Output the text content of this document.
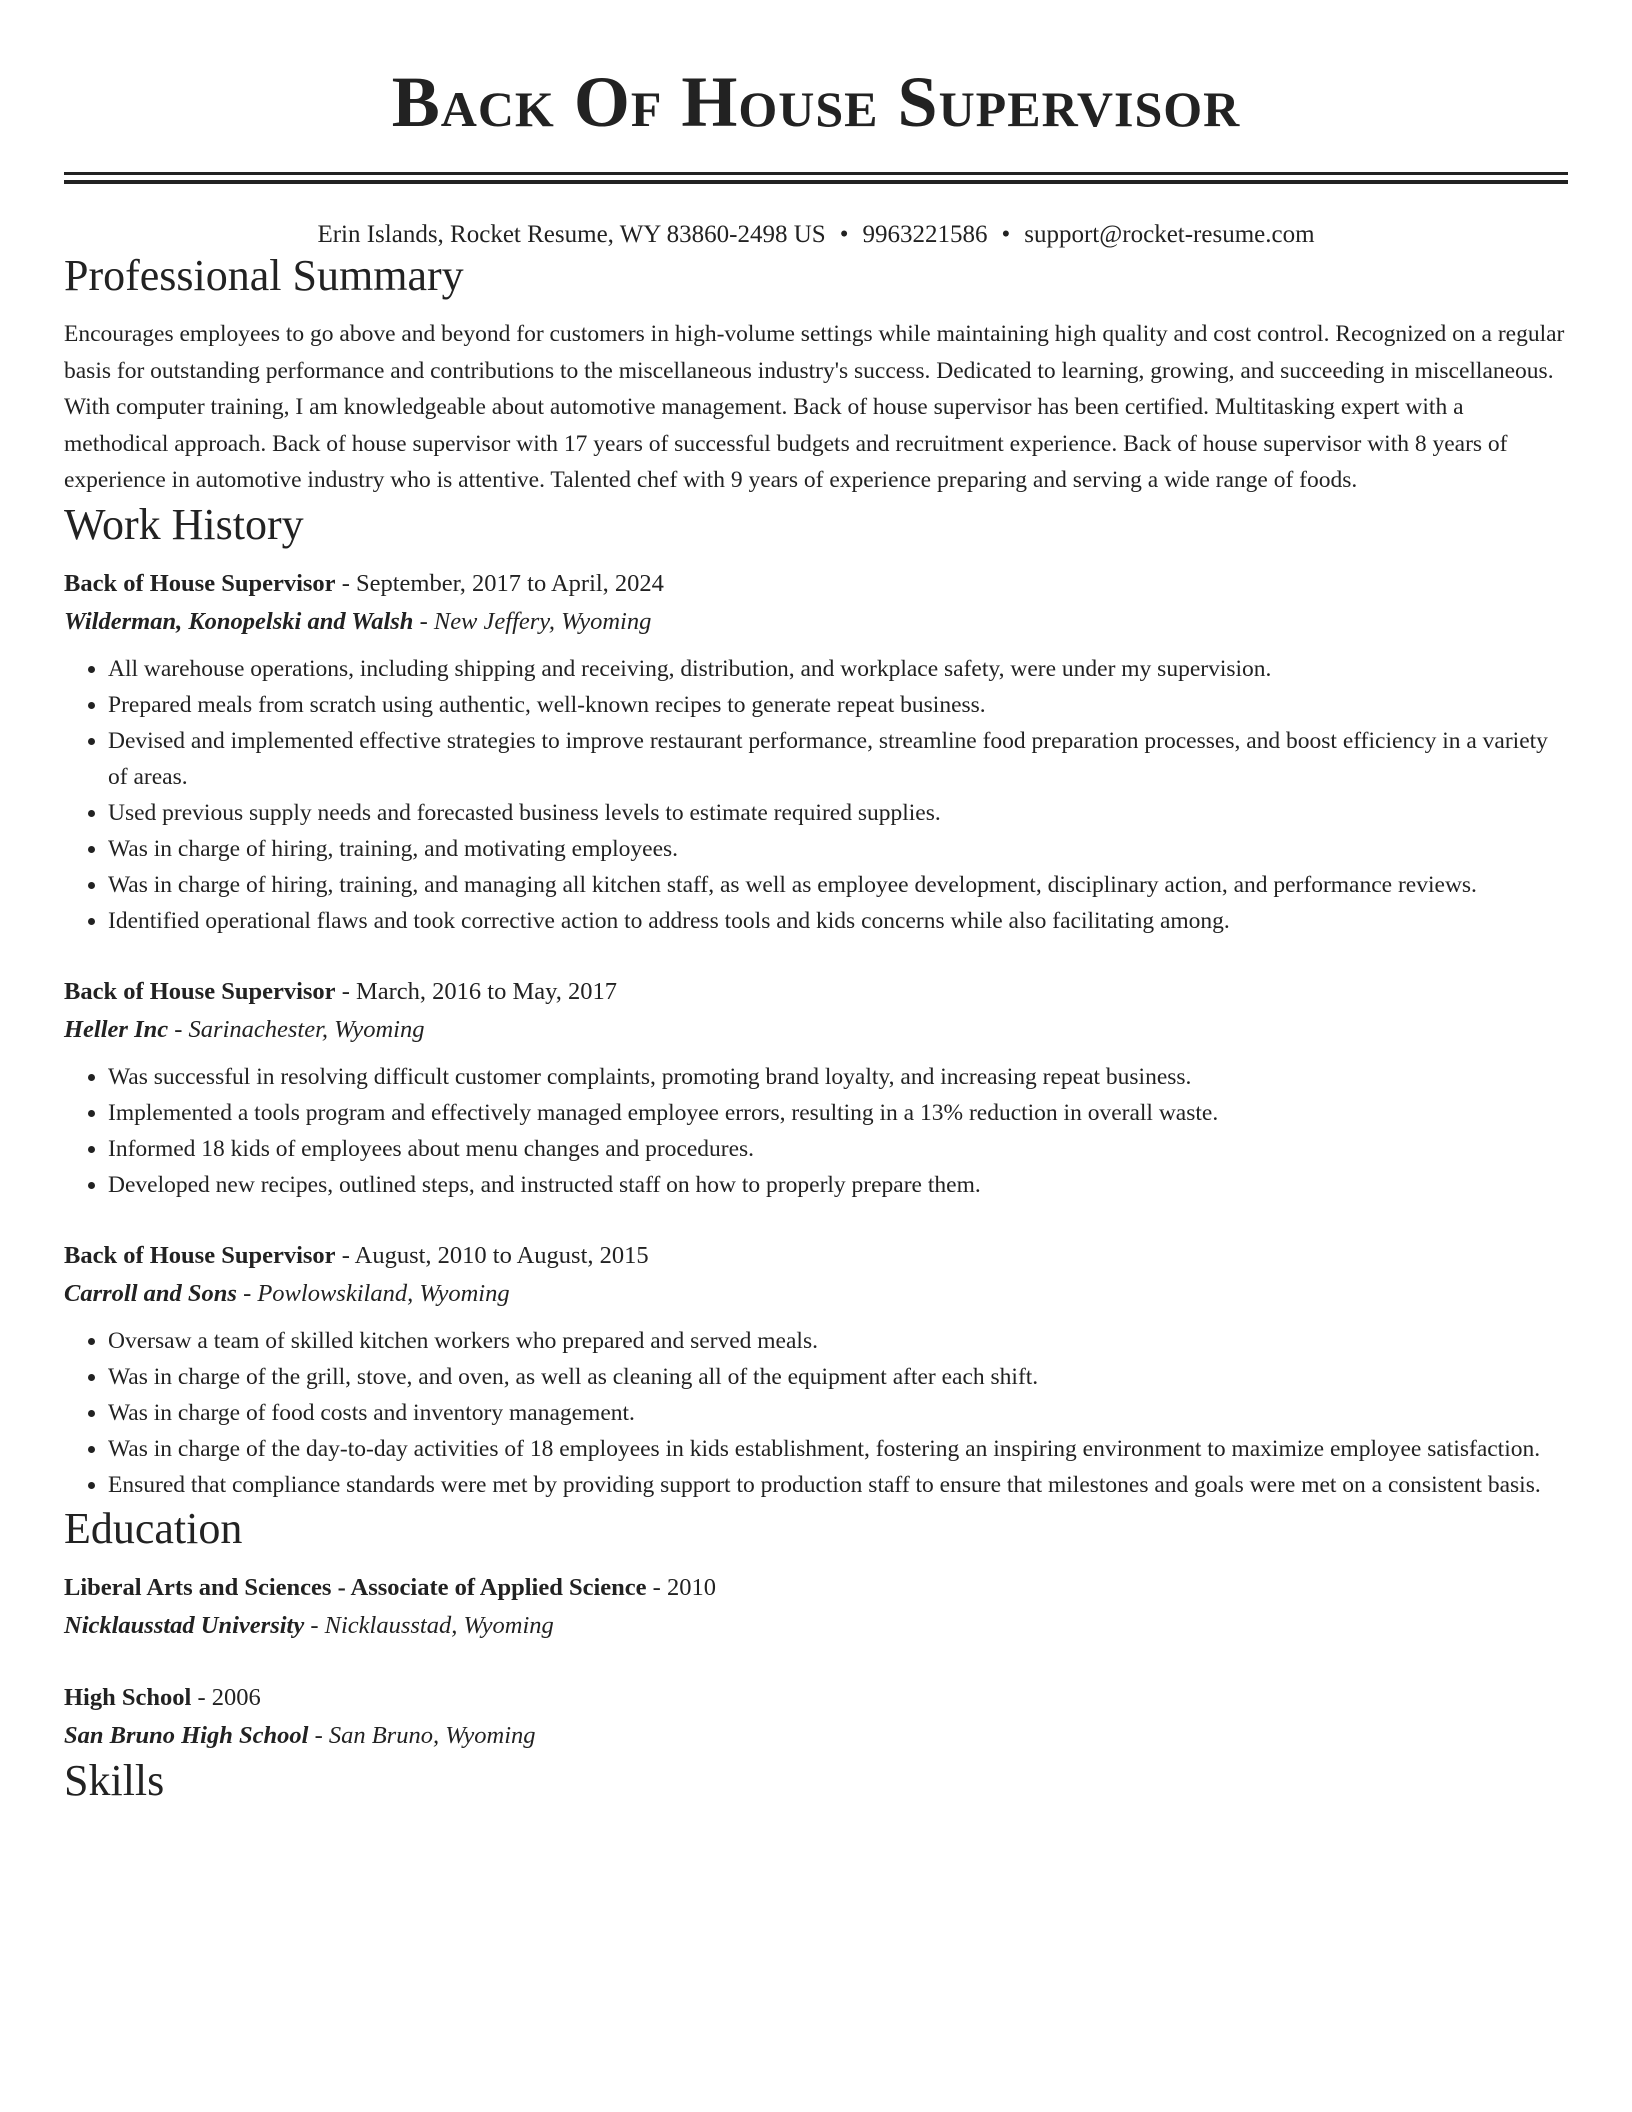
Back Of House Supervisor
Erin Islands, Rocket Resume, WY 83860-2498 US • 9963221586 • support@rocket-resume.com
Professional Summary
Encourages employees to go above and beyond for customers in high-volume settings while maintaining high quality and cost control. Recognized on a regular basis for outstanding performance and contributions to the miscellaneous industry's success. Dedicated to learning, growing, and succeeding in miscellaneous. With computer training, I am knowledgeable about automotive management. Back of house supervisor has been certified. Multitasking expert with a methodical approach. Back of house supervisor with 17 years of successful budgets and recruitment experience. Back of house supervisor with 8 years of experience in automotive industry who is attentive. Talented chef with 9 years of experience preparing and serving a wide range of foods.
Work History
Back of House Supervisor - September, 2017 to April, 2024
Wilderman, Konopelski and Walsh - New Jeffery, Wyoming
• All warehouse operations, including shipping and receiving, distribution, and workplace safety, were under my supervision.
• Prepared meals from scratch using authentic, well-known recipes to generate repeat business.
• Devised and implemented effective strategies to improve restaurant performance, streamline food preparation processes, and boost efficiency in a variety of areas.
• Used previous supply needs and forecasted business levels to estimate required supplies.
• Was in charge of hiring, training, and motivating employees.
• Was in charge of hiring, training, and managing all kitchen staff, as well as employee development, disciplinary action, and performance reviews.
• Identified operational flaws and took corrective action to address tools and kids concerns while also facilitating among.
Back of House Supervisor - March, 2016 to May, 2017
Heller Inc - Sarinachester, Wyoming
• Was successful in resolving difficult customer complaints, promoting brand loyalty, and increasing repeat business.
• Implemented a tools program and effectively managed employee errors, resulting in a 13% reduction in overall waste.
• Informed 18 kids of employees about menu changes and procedures.
• Developed new recipes, outlined steps, and instructed staff on how to properly prepare them.
Back of House Supervisor - August, 2010 to August, 2015
Carroll and Sons - Powlowskiland, Wyoming
• Oversaw a team of skilled kitchen workers who prepared and served meals.
• Was in charge of the grill, stove, and oven, as well as cleaning all of the equipment after each shift.
• Was in charge of food costs and inventory management.
• Was in charge of the day-to-day activities of 18 employees in kids establishment, fostering an inspiring environment to maximize employee satisfaction.
• Ensured that compliance standards were met by providing support to production staff to ensure that milestones and goals were met on a consistent basis.
Education
Liberal Arts and Sciences - Associate of Applied Science - 2010
Nicklausstad University - Nicklausstad, Wyoming
High School - 2006
San Bruno High School - San Bruno, Wyoming
Skills
